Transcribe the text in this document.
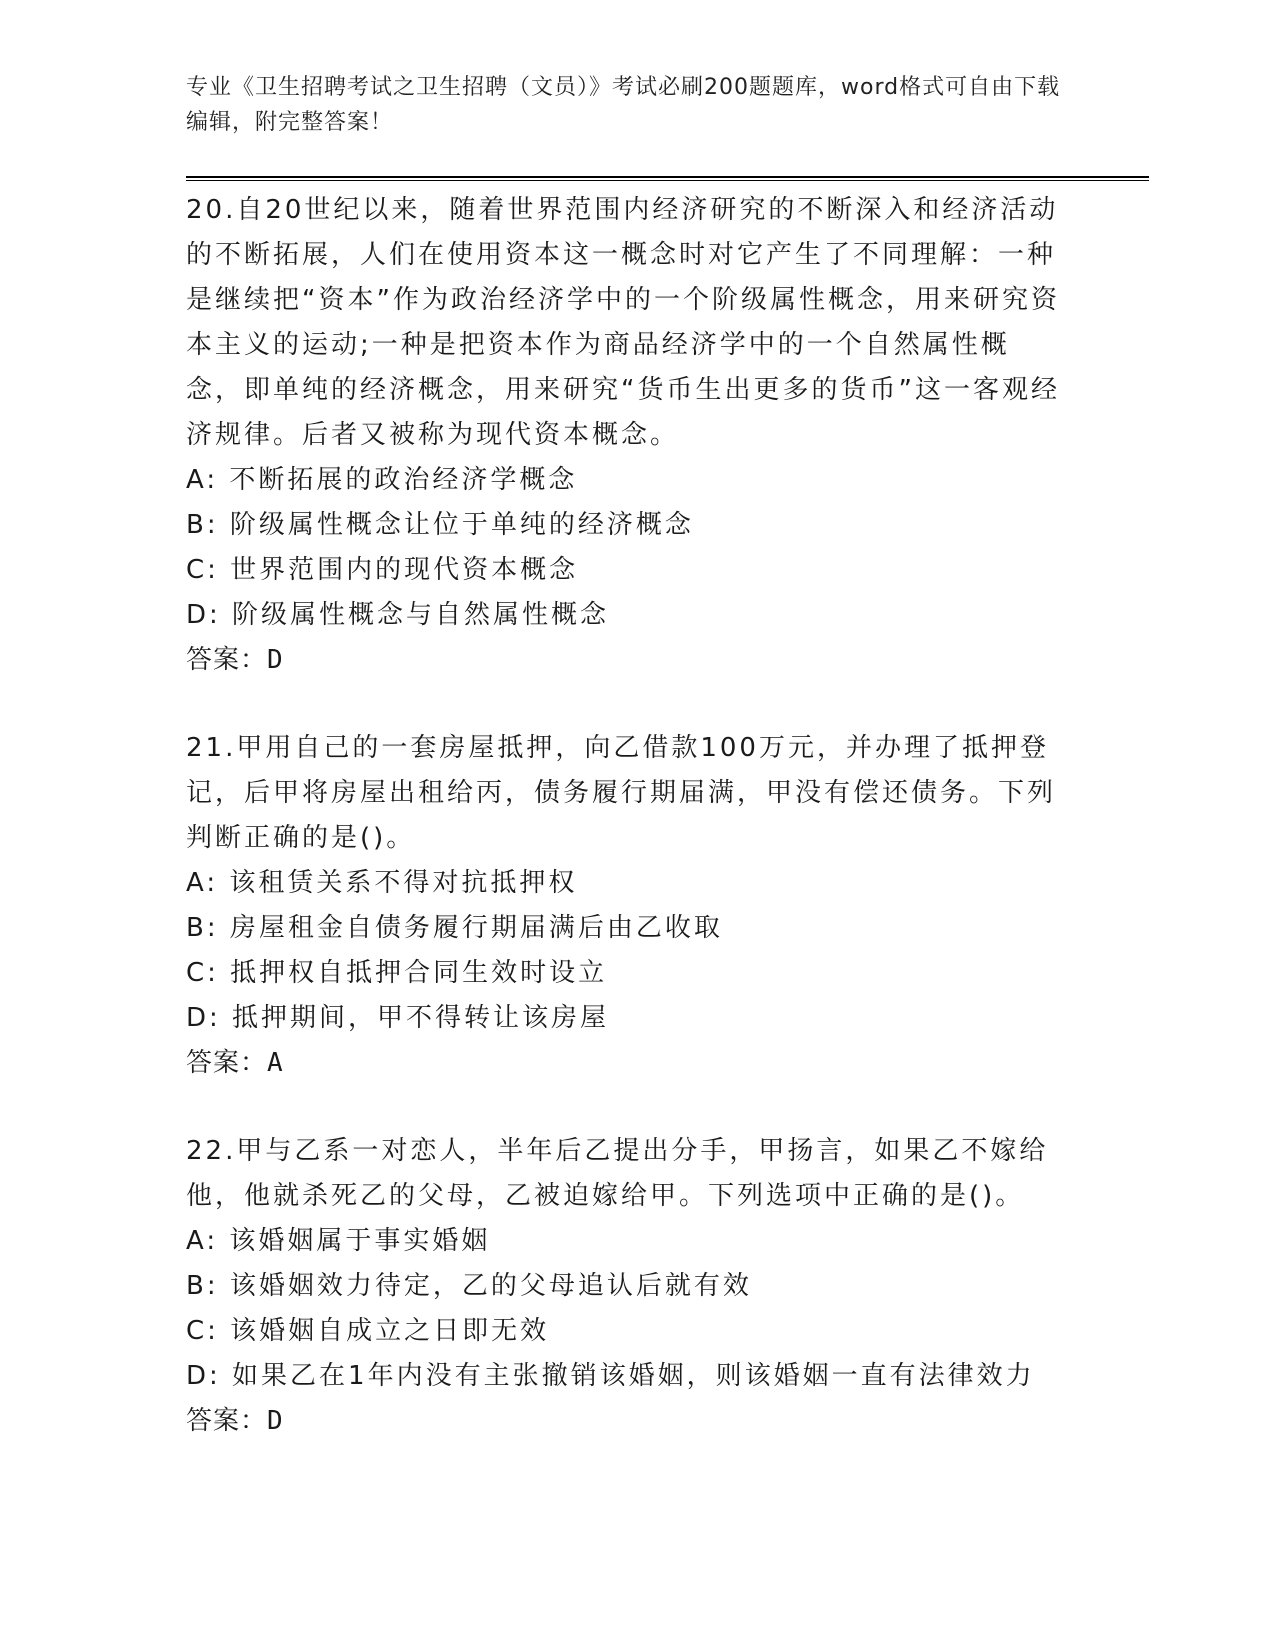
专业《卫生招聘考试之卫生招聘（文员）》考试必刷200题题库，word格式可自由下载编辑，附完整答案！

20.自20世纪以来，随着世界范围内经济研究的不断深入和经济活动的不断拓展，人们在使用资本这一概念时对它产生了不同理解：一种是继续把“资本”作为政治经济学中的一个阶级属性概念，用来研究资本主义的运动;一种是把资本作为商品经济学中的一个自然属性概念，即单纯的经济概念，用来研究“货币生出更多的货币”这一客观经济规律。后者又被称为现代资本概念。

A: 不断拓展的政治经济学概念

B: 阶级属性概念让位于单纯的经济概念

C: 世界范围内的现代资本概念

D: 阶级属性概念与自然属性概念

答案：D

21.甲用自己的一套房屋抵押，向乙借款100万元，并办理了抵押登记，后甲将房屋出租给丙，债务履行期届满，甲没有偿还债务。下列判断正确的是()。

A: 该租赁关系不得对抗抵押权

B: 房屋租金自债务履行期届满后由乙收取

C: 抵押权自抵押合同生效时设立

D: 抵押期间，甲不得转让该房屋

答案：A

22.甲与乙系一对恋人，半年后乙提出分手，甲扬言，如果乙不嫁给他，他就杀死乙的父母，乙被迫嫁给甲。下列选项中正确的是()。

A: 该婚姻属于事实婚姻

B: 该婚姻效力待定，乙的父母追认后就有效

C: 该婚姻自成立之日即无效

D: 如果乙在1年内没有主张撤销该婚姻，则该婚姻一直有法律效力

答案：D
